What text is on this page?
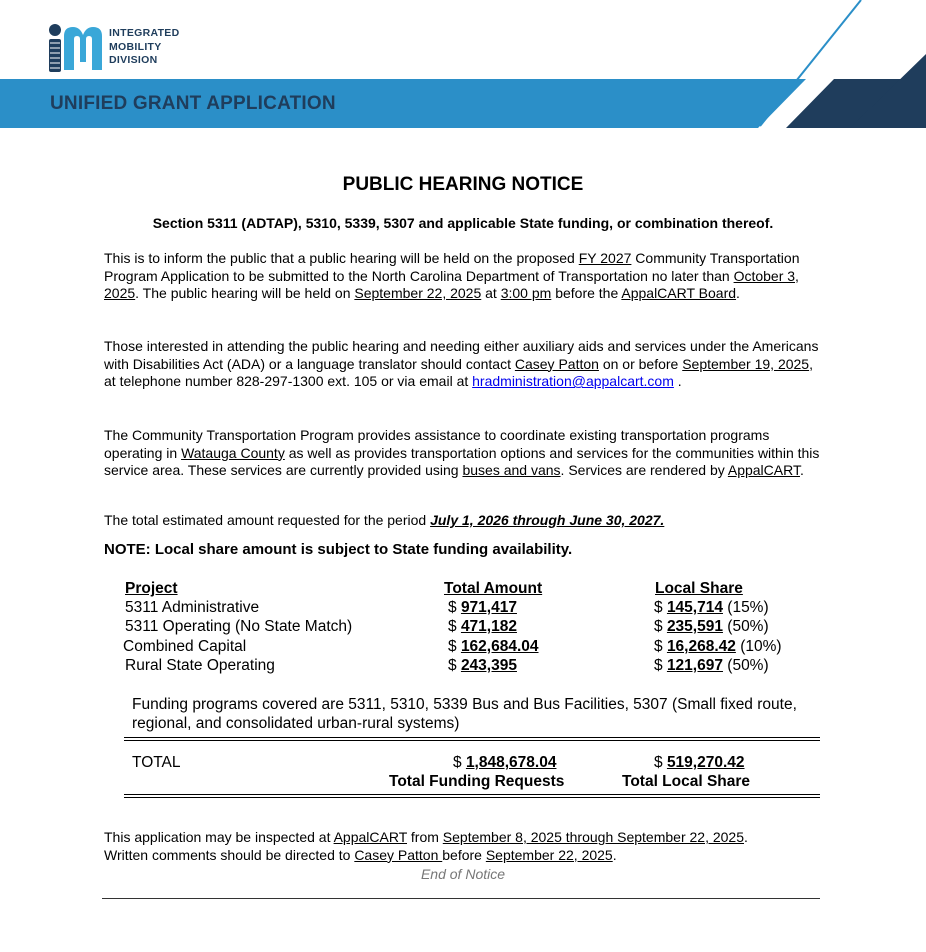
INTEGRATED
MOBILITY
DIVISION
UNIFIED GRANT APPLICATION
PUBLIC HEARING NOTICE
Section 5311 (ADTAP), 5310, 5339, 5307 and applicable State funding, or combination thereof.
This is to inform the public that a public hearing will be held on the proposed FY 2027 Community Transportation Program Application to be submitted to the North Carolina Department of Transportation no later than October 3, 2025. The public hearing will be held on September 22, 2025 at 3:00 pm before the AppalCART Board.
Those interested in attending the public hearing and needing either auxiliary aids and services under the Americans with Disabilities Act (ADA) or a language translator should contact Casey Patton on or before September 19, 2025, at telephone number 828-297-1300 ext. 105 or via email at hradministration@appalcart.com .
The Community Transportation Program provides assistance to coordinate existing transportation programs operating in Watauga County as well as provides transportation options and services for the communities within this service area. These services are currently provided using buses and vans. Services are rendered by AppalCART.
The total estimated amount requested for the period July 1, 2026 through June 30, 2027.
NOTE: Local share amount is subject to State funding availability.
Project	Total Amount	Local Share
5311 Administrative	$ 971,417	$ 145,714 (15%)
5311 Operating (No State Match)	$ 471,182	$ 235,591 (50%)
Combined Capital	$ 162,684.04	$ 16,268.42 (10%)
Rural State Operating	$ 243,395	$ 121,697 (50%)
Funding programs covered are 5311, 5310, 5339 Bus and Bus Facilities, 5307 (Small fixed route, regional, and consolidated urban-rural systems)
TOTAL	$ 1,848,678.04	$ 519,270.42
Total Funding Requests	Total Local Share
This application may be inspected at AppalCART from September 8, 2025 through September 22, 2025.
Written comments should be directed to Casey Patton before September 22, 2025.
End of Notice
